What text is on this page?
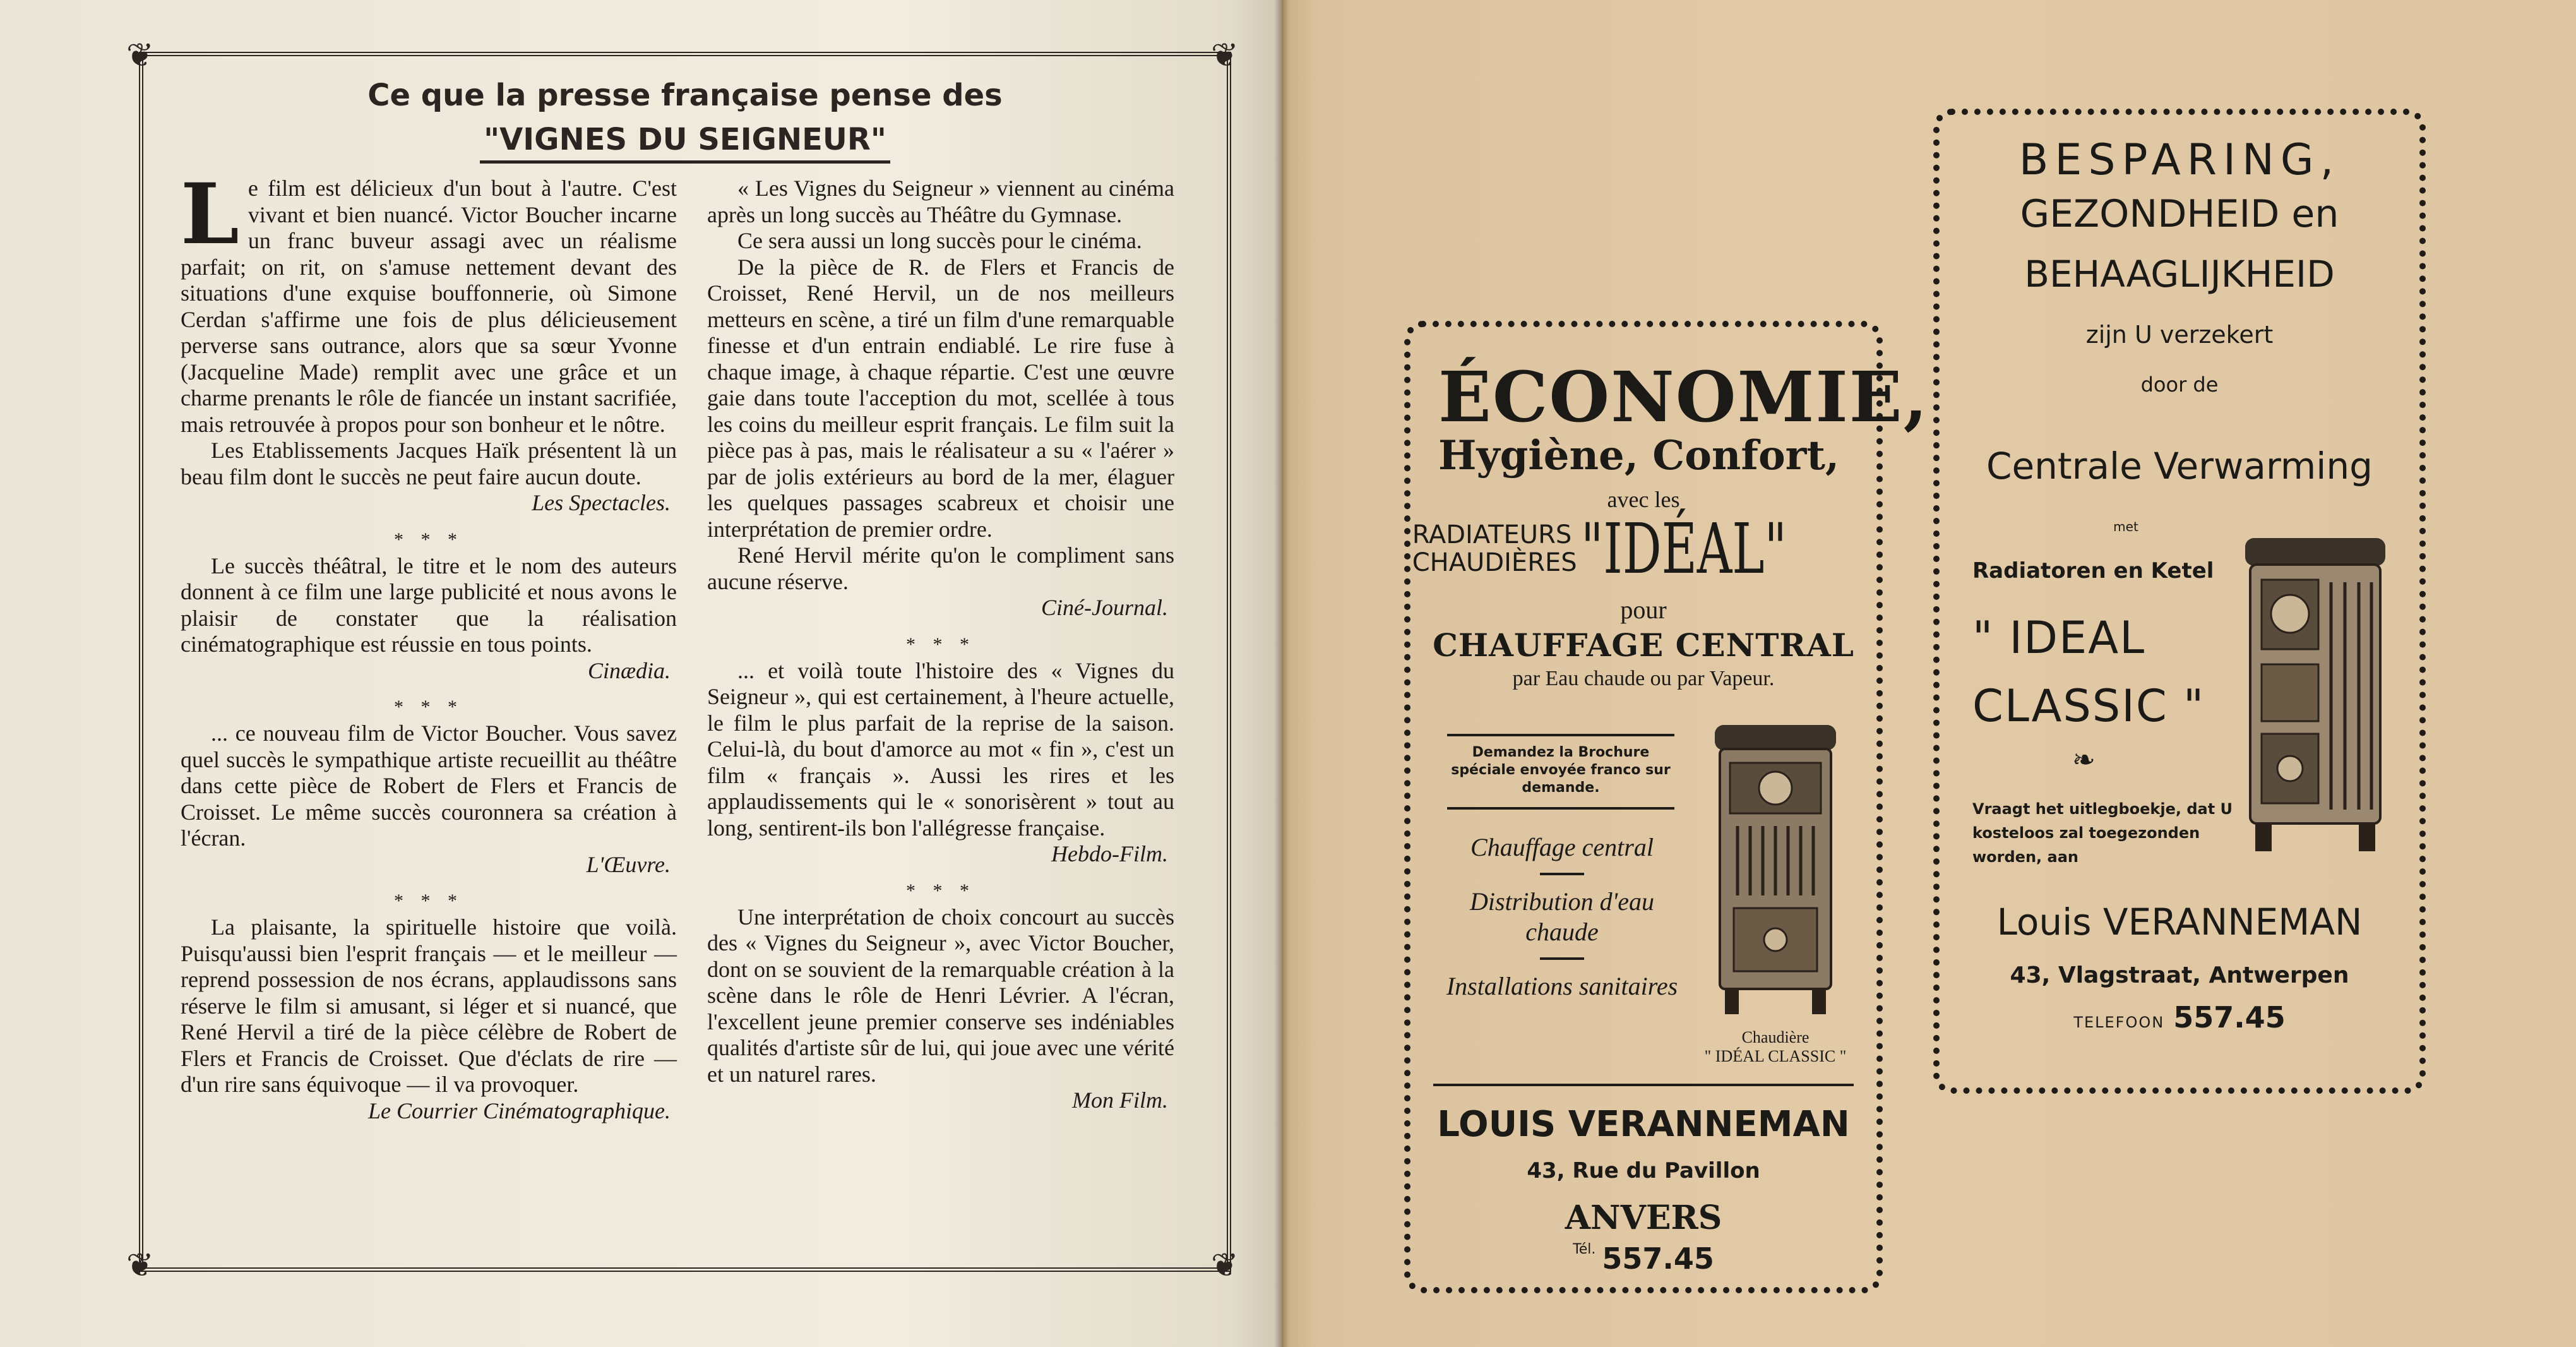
❦	❦
❦	❦
Ce que la presse française pense des
"VIGNES DU SEIGNEUR"

Le film est délicieux d'un bout à l'autre. C'est vivant et bien nuancé. Victor Boucher incarne un franc buveur assagi avec un réalisme parfait; on rit, on s'amuse nettement devant des situations d'une exquise bouffonnerie, où Simone Cerdan s'affirme une fois de plus délicieusement perverse sans outrance, alors que sa sœur Yvonne (Jacqueline Made) remplit avec une grâce et un charme prenants le rôle de fiancée un instant sacrifiée, mais retrouvée à propos pour son bonheur et le nôtre.

Les Etablissements Jacques Haïk présentent là un beau film dont le succès ne peut faire aucun doute.

Les Spectacles.
* * *

Le succès théâtral, le titre et le nom des auteurs donnent à ce film une large publicité et nous avons le plaisir de constater que la réalisation cinématographique est réussie en tous points.

Cinædia.
* * *

... ce nouveau film de Victor Boucher. Vous savez quel succès le sympathique artiste recueillit au théâtre dans cette pièce de Robert de Flers et Francis de Croisset. Le même succès couronnera sa création à l'écran.

L'Œuvre.
* * *

La plaisante, la spirituelle histoire que voilà. Puisqu'aussi bien l'esprit français — et le meilleur — reprend possession de nos écrans, applaudissons sans réserve le film si amusant, si léger et si nuancé, que René Hervil a tiré de la pièce célèbre de Robert de Flers et Francis de Croisset. Que d'éclats de rire — d'un rire sans équivoque — il va provoquer.

Le Courrier Cinématographique.

« Les Vignes du Seigneur » viennent au cinéma après un long succès au Théâtre du Gymnase.

Ce sera aussi un long succès pour le cinéma.

De la pièce de R. de Flers et Francis de Croisset, René Hervil, un de nos meilleurs metteurs en scène, a tiré un film d'une remarquable finesse et d'un entrain endiablé. Le rire fuse à chaque image, à chaque répartie. C'est une œuvre gaie dans toute l'acception du mot, scellée à tous les coins du meilleur esprit français. Le film suit la pièce pas à pas, mais le réalisateur a su « l'aérer » par de jolis extérieurs au bord de la mer, élaguer les quelques passages scabreux et choisir une interprétation de premier ordre.

René Hervil mérite qu'on le compliment sans aucune réserve.

Ciné-Journal.
* * *

... et voilà toute l'histoire des « Vignes du Seigneur », qui est certainement, à l'heure actuelle, le film le plus parfait de la reprise de la saison. Celui-là, du bout d'amorce au mot « fin », c'est un film « français ». Aussi les rires et les applaudissements qui le « sonorisèrent » tout au long, sentirent-ils bon l'allégresse française.

Hebdo-Film.
* * *

Une interprétation de choix concourt au succès des « Vignes du Seigneur », avec Victor Boucher, dont on se souvient de la remarquable création à la scène dans le rôle de Henri Lévrier. A l'écran, l'excellent jeune premier conserve ses indéniables qualités d'artiste sûr de lui, qui joue avec une vérité et un naturel rares.

Mon Film.
ÉCONOMIE,
Hygiène, Confort,
avec les
RADIATEURS
CHAUDIÈRES"IDÉAL"
pour
CHAUFFAGE CENTRAL
par Eau chaude ou par Vapeur.
Demandez la Brochure spéciale envoyée franco sur demande.
Chauffage central
Distribution d'eau chaude
Installations sanitaires
Chaudière
" IDÉAL CLASSIC "
LOUIS VERANNEMAN
43, Rue du Pavillon
ANVERS
Tél. 557.45
BESPARING,
GEZONDHEID en
BEHAAGLIJKHEID
zijn U verzekert
door de
Centrale Verwarming
met
Radiatoren en Ketel
" IDEAL
CLASSIC "
❧
Vraagt het uitlegboekje, dat U kosteloos zal toegezonden worden, aan
Louis VERANNEMAN
43, Vlagstraat, Antwerpen
TELEFOON 557.45
